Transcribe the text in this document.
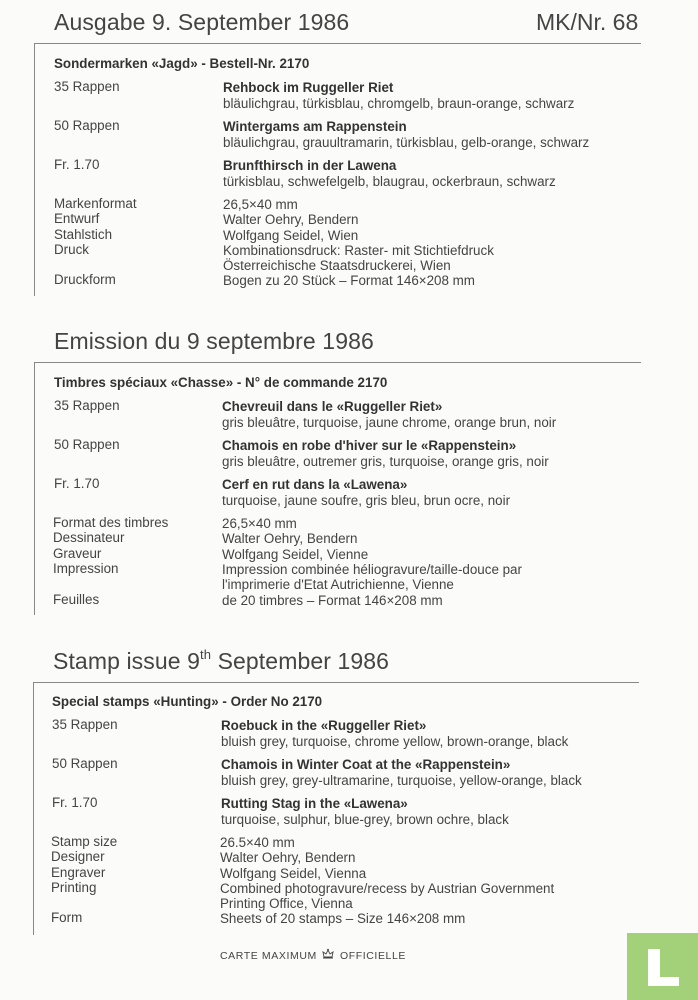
Ausgabe 9. September 1986	MK/Nr. 68
Sondermarken «Jagd» - Bestell-Nr. 2170
35 Rappen	Rehbock im Ruggeller Riet
bläulichgrau, türkisblau, chromgelb, braun-orange, schwarz
50 Rappen	Wintergams am Rappenstein
bläulichgrau, grauultramarin, türkisblau, gelb-orange, schwarz
Fr. 1.70	Brunfthirsch in der Lawena
türkisblau, schwefelgelb, blaugrau, ockerbraun, schwarz
Markenformat	26,5×40 mm
Entwurf	Walter Oehry, Bendern
Stahlstich	Wolfgang Seidel, Wien
Druck	Kombinationsdruck: Raster- mit Stichtiefdruck
Österreichische Staatsdruckerei, Wien
Druckform	Bogen zu 20 Stück – Format 146×208 mm
Emission du 9 septembre 1986
Timbres spéciaux «Chasse» - N° de commande 2170
35 Rappen	Chevreuil dans le «Ruggeller Riet»
gris bleuâtre, turquoise, jaune chrome, orange brun, noir
50 Rappen	Chamois en robe d'hiver sur le «Rappenstein»
gris bleuâtre, outremer gris, turquoise, orange gris, noir
Fr. 1.70	Cerf en rut dans la «Lawena»
turquoise, jaune soufre, gris bleu, brun ocre, noir
Format des timbres	26,5×40 mm
Dessinateur	Walter Oehry, Bendern
Graveur	Wolfgang Seidel, Vienne
Impression	Impression combinée héliogravure/taille-douce par
l'imprimerie d'Etat Autrichienne, Vienne
Feuilles	de 20 timbres – Format 146×208 mm
Stamp issue 9th September 1986
Special stamps «Hunting» - Order No 2170
35 Rappen	Roebuck in the «Ruggeller Riet»
bluish grey, turquoise, chrome yellow, brown-orange, black
50 Rappen	Chamois in Winter Coat at the «Rappenstein»
bluish grey, grey-ultramarine, turquoise, yellow-orange, black
Fr. 1.70	Rutting Stag in the «Lawena»
turquoise, sulphur, blue-grey, brown ochre, black
Stamp size	26.5×40 mm
Designer	Walter Oehry, Bendern
Engraver	Wolfgang Seidel, Vienna
Printing	Combined photogravure/recess by Austrian Government
Printing Office, Vienna
Form	Sheets of 20 stamps – Size 146×208 mm
CARTE MAXIMUM OFFICIELLE
